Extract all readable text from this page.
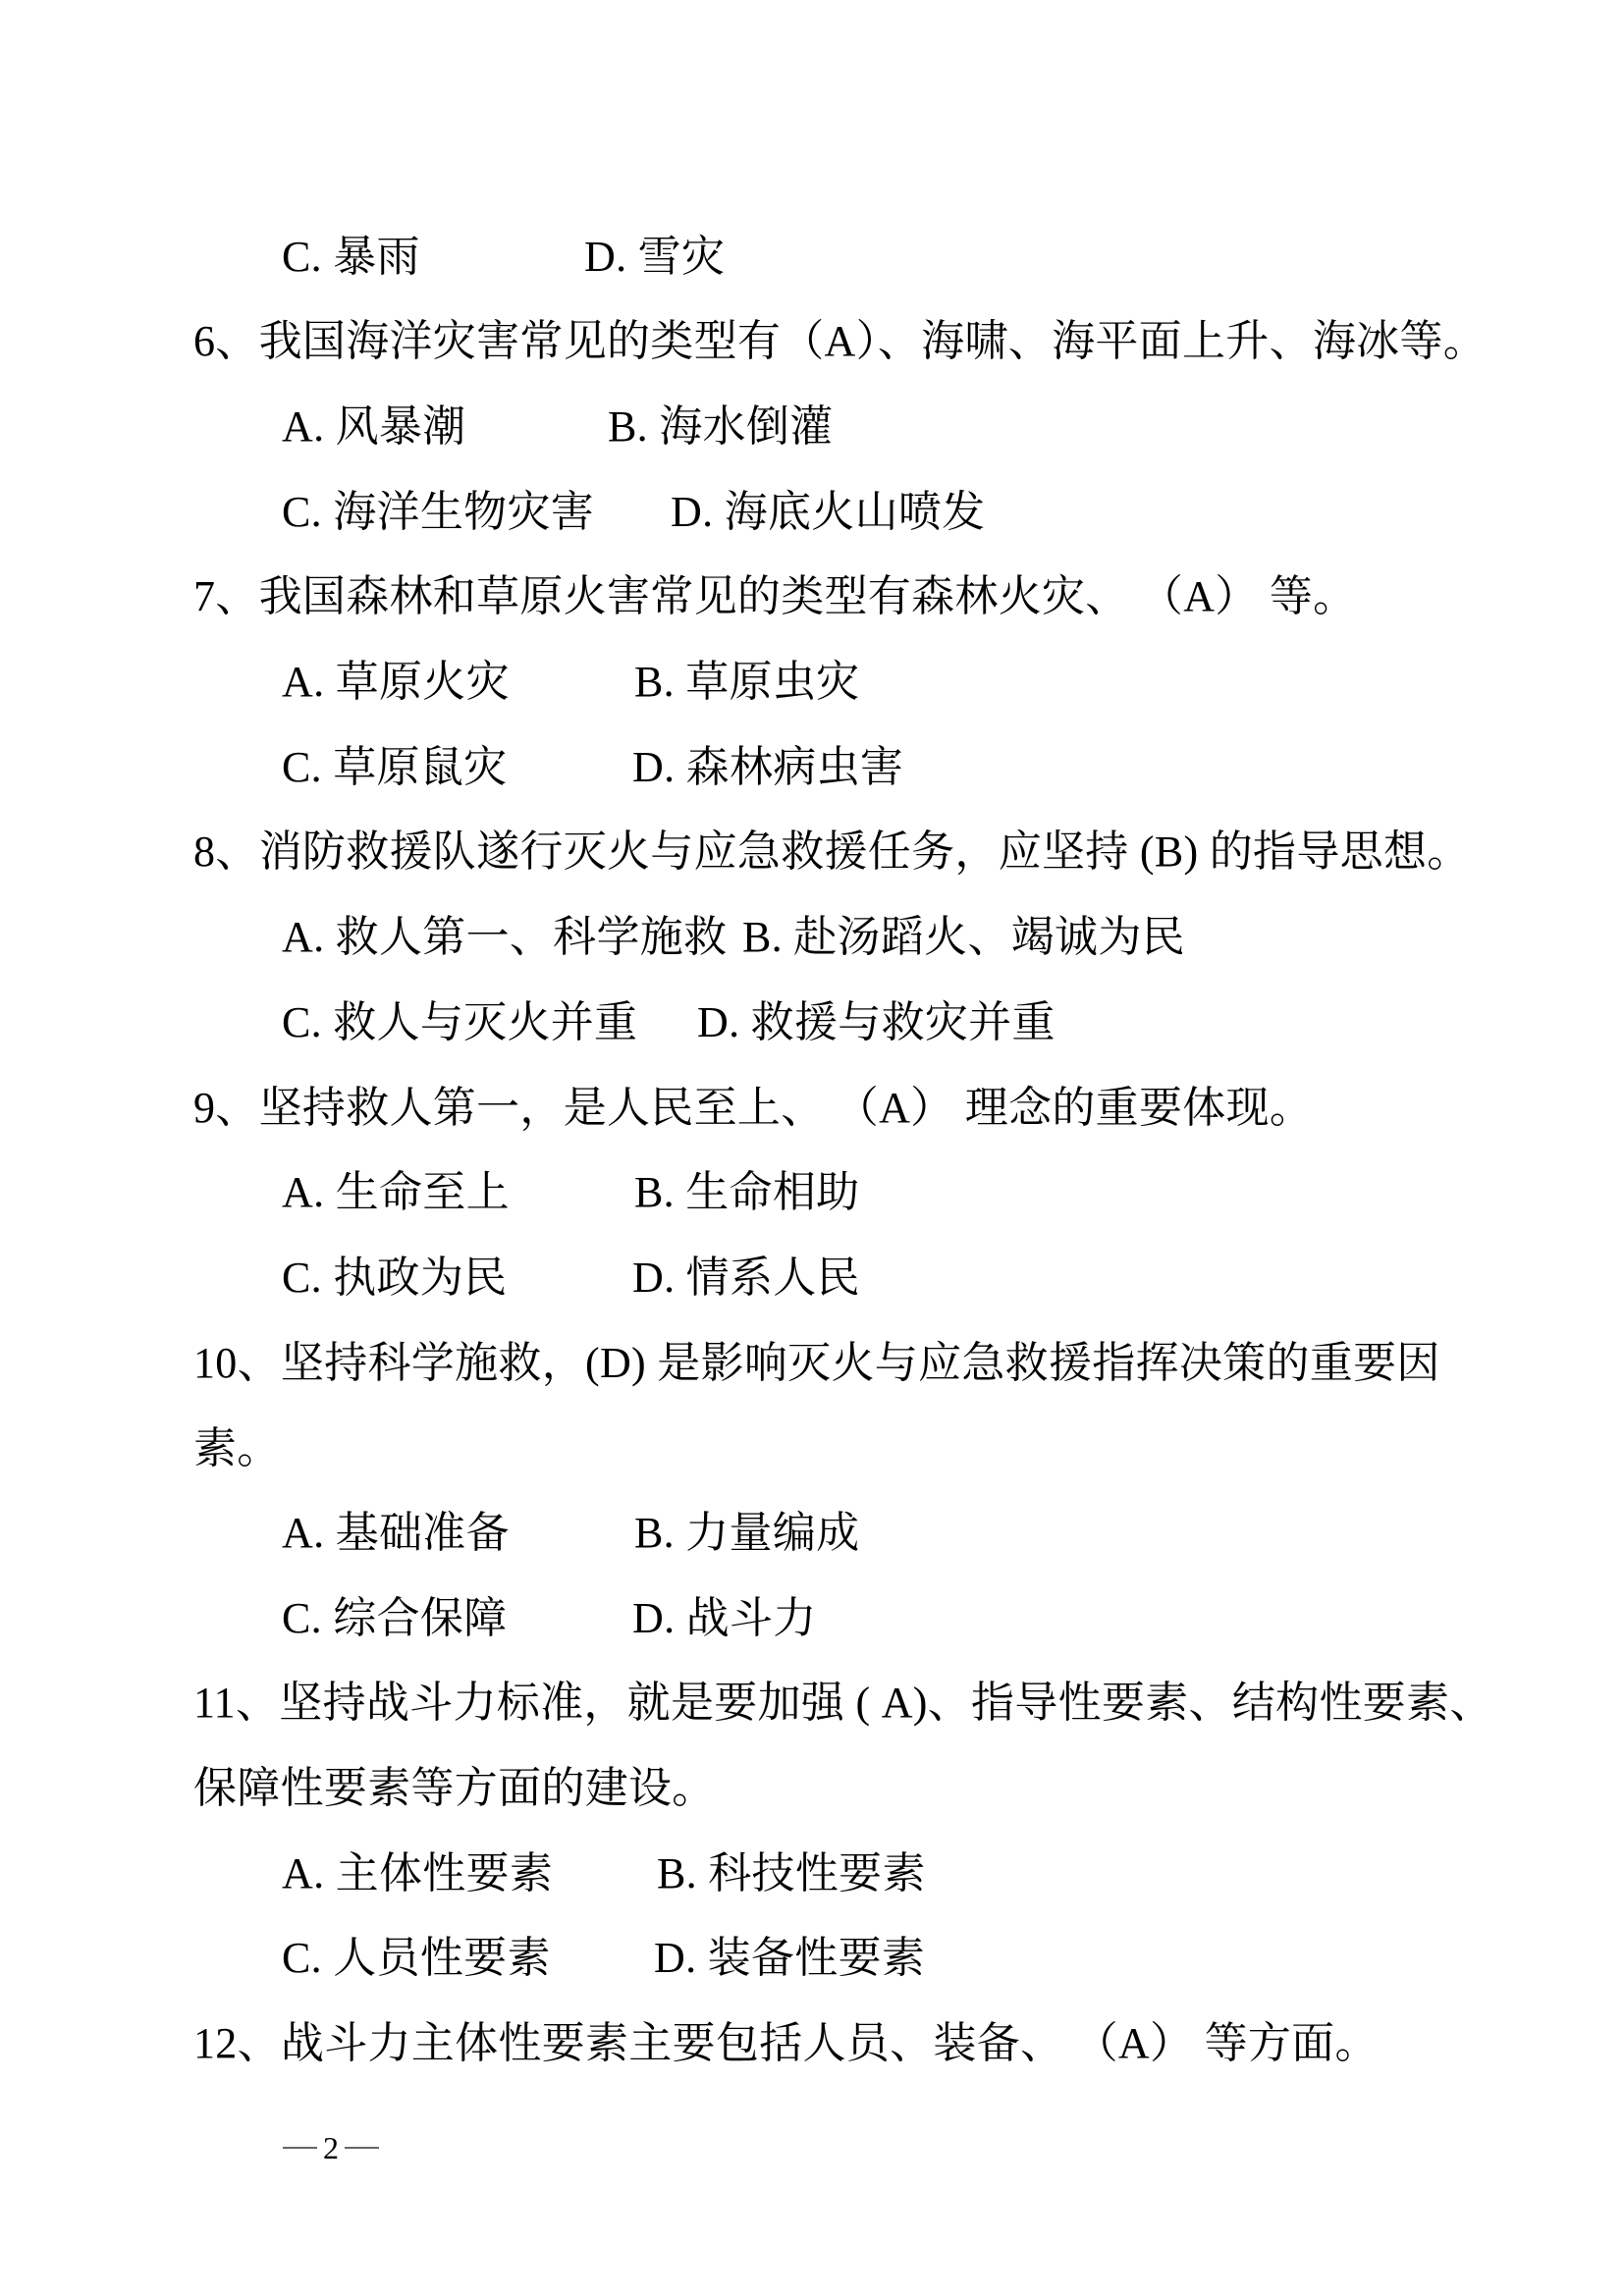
C. 暴雨	D. 雪灾
6、我国海洋灾害常见的类型有（A）、海啸、海平面上升、海冰等。
A. 风暴潮	B. 海水倒灌
C. 海洋生物灾害 D. 海底火山喷发
7、我国森林和草原火害常见的类型有森林火灾、 （A） 等。
A. 草原火灾	B. 草原虫灾
C. 草原鼠灾	D. 森林病虫害
8、消防救援队遂行灭火与应急救援任务，应坚持 (B) 的指导思想。
A. 救人第一、科学施救 B. 赴汤蹈火、竭诚为民
C. 救人与灭火并重 D. 救援与救灾并重
9、坚持救人第一，是人民至上、 （A） 理念的重要体现。
A. 生命至上	B. 生命相助
C. 执政为民	D. 情系人民
10、坚持科学施救，(D) 是影响灭火与应急救援指挥决策的重要因
素。
A. 基础准备	B. 力量编成
C. 综合保障	D. 战斗力
11、坚持战斗力标准，就是要加强 ( A)、指导性要素、结构性要素、
保障性要素等方面的建设。
A. 主体性要素 B. 科技性要素
C. 人员性要素 D. 装备性要素
12、战斗力主体性要素主要包括人员、装备、 （A） 等方面。
2
